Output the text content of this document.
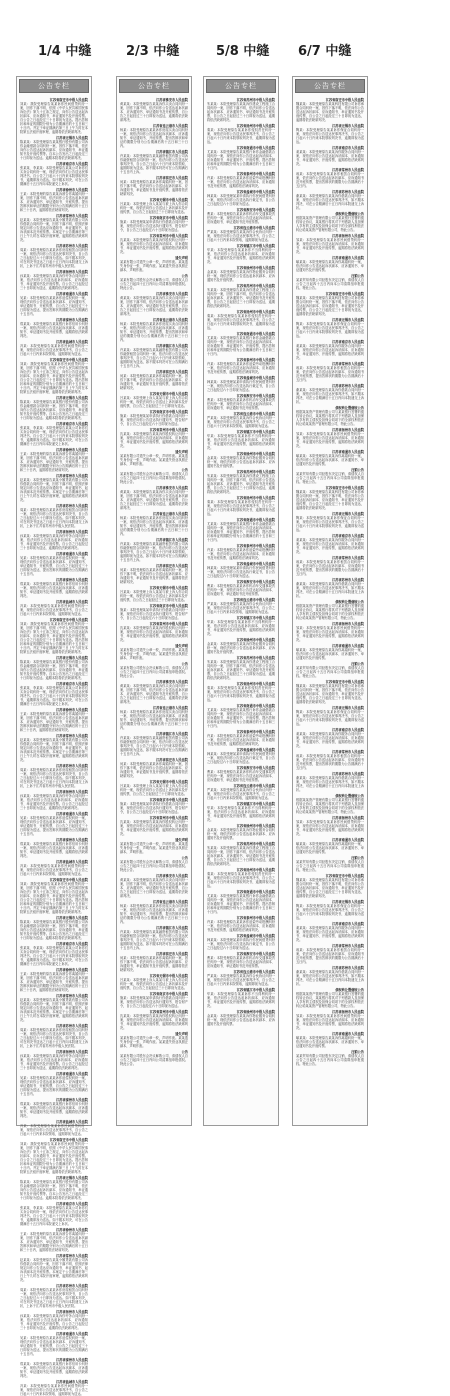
1/4 中缝
公告专栏
江苏省宿迁市中级人民法院
刘某：我院受理原告某某诉你民间借贷纠纷一案，因你下落不明，依照《中华人民共和国民事诉讼法》第九十五条之规定，向你公告送达起诉状副本、应诉通知书、举证通知书及开庭传票。自公告之日起经过三十日即视为送达。提出答辩状和举证的期限分别为公告期满后的十五日和三十日内。并定于举证期满后第三日上午九时在本院第五法庭开庭审理，逾期将依法缺席判决。
江苏省无锡市人民法院
陈某某：本院受理原告某某银行股份有限公司诉你金融借款合同纠纷一案，因你下落不明，依法向你公告送达起诉状副本、应诉通知书、举证通知书及开庭传票等。自本公告发出之日起经过三十日即视为送达。逾期本院将依法缺席判决。
江苏省南京市人民法院
张某某、李某某：本院受理原告某某公司诉你们买卖合同纠纷一案，现依法向你们公告送达民事判决书。自公告之日起六十日内来本院领取判决书，逾期即视为送达。如不服本判决，可在公告期满后十五日内向本院递交上诉状。
江苏省徐州市人民法院
王某：本院受理的原告某某诉被告你离婚纠纷一案，因你下落不明，依法向你公告送达起诉状副本、应诉通知书、举证通知书、开庭传票。提出答辩状和举证的期限分别为公告期满后的十五日和三十日内，逾期将依法缺席判决。
江苏省常州市人民法院
赵某某：本院受理原告某某小额贷款有限公司诉你借款合同纠纷一案，因你下落不明，依照法律规定向你公告送达应诉通知书、举证通知书、起诉状副本及开庭传票。本案定于公告期满后第三日上午九时在本院开庭审理，逾期将依法缺席判决。
江苏省苏州市人民法院
周某：本院受理原告某某诉你房屋租赁合同纠纷一案，现依法向你公告送达民事判决书，自公告之日起经过六十日即视为送达。如不服本判决，可在判决书送达之日起十五日内向本院递交上诉状，上诉于江苏省苏州市中级人民法院。
江苏省扬州市人民法院
孙某某：本院受理原告某某诉你劳务合同纠纷一案，依法向你公告送达起诉状副本、应诉通知书、举证通知书及开庭传票。自公告之日起经过三十日即视为送达，逾期将依法缺席判决。
江苏省南通市人民法院
吴某：本院受理原告某某诉你追偿权纠纷一案，现依法向你公告送达起诉状副本、应诉通知书、举证通知书、开庭传票，自公告之日起经过三十日即视为送达，提出答辩状的期限为公告期满后十五日内。
江苏省泰州市人民法院
郑某某：本院受理原告某某银行诉你信用卡纠纷一案，现依法向你公告送达起诉状副本、应诉通知书、举证通知书及开庭传票，逾期将依法缺席判决。
江苏省盐城市人民法院
冯某：本院受理原告某某诉你民间借贷纠纷一案，现依法向你公告送达民事判决书，自公告之日起六十日内来本院领取，逾期即视为送达。
江苏省宿迁市中级人民法院
刘某：我院受理原告某某诉你民间借贷纠纷一案，因你下落不明，依照《中华人民共和国民事诉讼法》第九十五条之规定，向你公告送达起诉状副本、应诉通知书、举证通知书及开庭传票。自公告之日起经过三十日即视为送达。提出答辩状和举证的期限分别为公告期满后的十五日和三十日内。并定于举证期满后第三日上午九时在本院第五法庭开庭审理，逾期将依法缺席判决。
江苏省无锡市人民法院
陈某某：本院受理原告某某银行股份有限公司诉你金融借款合同纠纷一案，因你下落不明，依法向你公告送达起诉状副本、应诉通知书、举证通知书及开庭传票等。自本公告发出之日起经过三十日即视为送达。逾期本院将依法缺席判决。
江苏省南京市人民法院
张某某、李某某：本院受理原告某某公司诉你们买卖合同纠纷一案，现依法向你们公告送达民事判决书。自公告之日起六十日内来本院领取判决书，逾期即视为送达。如不服本判决，可在公告期满后十五日内向本院递交上诉状。
江苏省徐州市人民法院
王某：本院受理的原告某某诉被告你离婚纠纷一案，因你下落不明，依法向你公告送达起诉状副本、应诉通知书、举证通知书、开庭传票。提出答辩状和举证的期限分别为公告期满后的十五日和三十日内，逾期将依法缺席判决。
江苏省常州市人民法院
赵某某：本院受理原告某某小额贷款有限公司诉你借款合同纠纷一案，因你下落不明，依照法律规定向你公告送达应诉通知书、举证通知书、起诉状副本及开庭传票。本案定于公告期满后第三日上午九时在本院开庭审理，逾期将依法缺席判决。
江苏省苏州市人民法院
周某：本院受理原告某某诉你房屋租赁合同纠纷一案，现依法向你公告送达民事判决书，自公告之日起经过六十日即视为送达。如不服本判决，可在判决书送达之日起十五日内向本院递交上诉状，上诉于江苏省苏州市中级人民法院。
江苏省扬州市人民法院
孙某某：本院受理原告某某诉你劳务合同纠纷一案，依法向你公告送达起诉状副本、应诉通知书、举证通知书及开庭传票。自公告之日起经过三十日即视为送达，逾期将依法缺席判决。
江苏省南通市人民法院
吴某：本院受理原告某某诉你追偿权纠纷一案，现依法向你公告送达起诉状副本、应诉通知书、举证通知书、开庭传票，自公告之日起经过三十日即视为送达，提出答辩状的期限为公告期满后十五日内。
江苏省泰州市人民法院
郑某某：本院受理原告某某银行诉你信用卡纠纷一案，现依法向你公告送达起诉状副本、应诉通知书、举证通知书及开庭传票，逾期将依法缺席判决。
江苏省盐城市人民法院
冯某：本院受理原告某某诉你民间借贷纠纷一案，现依法向你公告送达民事判决书，自公告之日起六十日内来本院领取，逾期即视为送达。
江苏省宿迁市中级人民法院
刘某：我院受理原告某某诉你民间借贷纠纷一案，因你下落不明，依照《中华人民共和国民事诉讼法》第九十五条之规定，向你公告送达起诉状副本、应诉通知书、举证通知书及开庭传票。自公告之日起经过三十日即视为送达。提出答辩状和举证的期限分别为公告期满后的十五日和三十日内。并定于举证期满后第三日上午九时在本院第五法庭开庭审理，逾期将依法缺席判决。
江苏省无锡市人民法院
陈某某：本院受理原告某某银行股份有限公司诉你金融借款合同纠纷一案，因你下落不明，依法向你公告送达起诉状副本、应诉通知书、举证通知书及开庭传票等。自本公告发出之日起经过三十日即视为送达。逾期本院将依法缺席判决。
江苏省南京市人民法院
张某某、李某某：本院受理原告某某公司诉你们买卖合同纠纷一案，现依法向你们公告送达民事判决书。自公告之日起六十日内来本院领取判决书，逾期即视为送达。如不服本判决，可在公告期满后十五日内向本院递交上诉状。
江苏省徐州市人民法院
王某：本院受理的原告某某诉被告你离婚纠纷一案，因你下落不明，依法向你公告送达起诉状副本、应诉通知书、举证通知书、开庭传票。提出答辩状和举证的期限分别为公告期满后的十五日和三十日内，逾期将依法缺席判决。
江苏省常州市人民法院
赵某某：本院受理原告某某小额贷款有限公司诉你借款合同纠纷一案，因你下落不明，依照法律规定向你公告送达应诉通知书、举证通知书、起诉状副本及开庭传票。本案定于公告期满后第三日上午九时在本院开庭审理，逾期将依法缺席判决。
江苏省苏州市人民法院
周某：本院受理原告某某诉你房屋租赁合同纠纷一案，现依法向你公告送达民事判决书，自公告之日起经过六十日即视为送达。如不服本判决，可在判决书送达之日起十五日内向本院递交上诉状，上诉于江苏省苏州市中级人民法院。
江苏省扬州市人民法院
孙某某：本院受理原告某某诉你劳务合同纠纷一案，依法向你公告送达起诉状副本、应诉通知书、举证通知书及开庭传票。自公告之日起经过三十日即视为送达，逾期将依法缺席判决。
江苏省南通市人民法院
吴某：本院受理原告某某诉你追偿权纠纷一案，现依法向你公告送达起诉状副本、应诉通知书、举证通知书、开庭传票，自公告之日起经过三十日即视为送达，提出答辩状的期限为公告期满后十五日内。
江苏省泰州市人民法院
郑某某：本院受理原告某某银行诉你信用卡纠纷一案，现依法向你公告送达起诉状副本、应诉通知书、举证通知书及开庭传票，逾期将依法缺席判决。
江苏省盐城市人民法院
冯某：本院受理原告某某诉你民间借贷纠纷一案，现依法向你公告送达民事判决书，自公告之日起六十日内来本院领取，逾期即视为送达。
江苏省宿迁市中级人民法院
刘某：我院受理原告某某诉你民间借贷纠纷一案，因你下落不明，依照《中华人民共和国民事诉讼法》第九十五条之规定，向你公告送达起诉状副本、应诉通知书、举证通知书及开庭传票。自公告之日起经过三十日即视为送达。提出答辩状和举证的期限分别为公告期满后的十五日和三十日内。并定于举证期满后第三日上午九时在本院第五法庭开庭审理，逾期将依法缺席判决。
江苏省无锡市人民法院
陈某某：本院受理原告某某银行股份有限公司诉你金融借款合同纠纷一案，因你下落不明，依法向你公告送达起诉状副本、应诉通知书、举证通知书及开庭传票等。自本公告发出之日起经过三十日即视为送达。逾期本院将依法缺席判决。
江苏省南京市人民法院
张某某、李某某：本院受理原告某某公司诉你们买卖合同纠纷一案，现依法向你们公告送达民事判决书。自公告之日起六十日内来本院领取判决书，逾期即视为送达。如不服本判决，可在公告期满后十五日内向本院递交上诉状。
江苏省徐州市人民法院
王某：本院受理的原告某某诉被告你离婚纠纷一案，因你下落不明，依法向你公告送达起诉状副本、应诉通知书、举证通知书、开庭传票。提出答辩状和举证的期限分别为公告期满后的十五日和三十日内，逾期将依法缺席判决。
江苏省常州市人民法院
赵某某：本院受理原告某某小额贷款有限公司诉你借款合同纠纷一案，因你下落不明，依照法律规定向你公告送达应诉通知书、举证通知书、起诉状副本及开庭传票。本案定于公告期满后第三日上午九时在本院开庭审理，逾期将依法缺席判决。
江苏省苏州市人民法院
周某：本院受理原告某某诉你房屋租赁合同纠纷一案，现依法向你公告送达民事判决书，自公告之日起经过六十日即视为送达。如不服本判决，可在判决书送达之日起十五日内向本院递交上诉状，上诉于江苏省苏州市中级人民法院。
江苏省扬州市人民法院
孙某某：本院受理原告某某诉你劳务合同纠纷一案，依法向你公告送达起诉状副本、应诉通知书、举证通知书及开庭传票。自公告之日起经过三十日即视为送达，逾期将依法缺席判决。
江苏省南通市人民法院
吴某：本院受理原告某某诉你追偿权纠纷一案，现依法向你公告送达起诉状副本、应诉通知书、举证通知书、开庭传票，自公告之日起经过三十日即视为送达，提出答辩状的期限为公告期满后十五日内。
江苏省泰州市人民法院
郑某某：本院受理原告某某银行诉你信用卡纠纷一案，现依法向你公告送达起诉状副本、应诉通知书、举证通知书及开庭传票，逾期将依法缺席判决。
江苏省盐城市人民法院
冯某：本院受理原告某某诉你民间借贷纠纷一案，现依法向你公告送达民事判决书，自公告之日起六十日内来本院领取，逾期即视为送达。
江苏省宿迁市中级人民法院
刘某：我院受理原告某某诉你民间借贷纠纷一案，因你下落不明，依照《中华人民共和国民事诉讼法》第九十五条之规定，向你公告送达起诉状副本、应诉通知书、举证通知书及开庭传票。自公告之日起经过三十日即视为送达。提出答辩状和举证的期限分别为公告期满后的十五日和三十日内。并定于举证期满后第三日上午九时在本院第五法庭开庭审理，逾期将依法缺席判决。
江苏省无锡市人民法院
陈某某：本院受理原告某某银行股份有限公司诉你金融借款合同纠纷一案，因你下落不明，依法向你公告送达起诉状副本、应诉通知书、举证通知书及开庭传票等。自本公告发出之日起经过三十日即视为送达。逾期本院将依法缺席判决。
江苏省南京市人民法院
张某某、李某某：本院受理原告某某公司诉你们买卖合同纠纷一案，现依法向你们公告送达民事判决书。自公告之日起六十日内来本院领取判决书，逾期即视为送达。如不服本判决，可在公告期满后十五日内向本院递交上诉状。
江苏省徐州市人民法院
王某：本院受理的原告某某诉被告你离婚纠纷一案，因你下落不明，依法向你公告送达起诉状副本、应诉通知书、举证通知书、开庭传票。提出答辩状和举证的期限分别为公告期满后的十五日和三十日内，逾期将依法缺席判决。
江苏省常州市人民法院
赵某某：本院受理原告某某小额贷款有限公司诉你借款合同纠纷一案，因你下落不明，依照法律规定向你公告送达应诉通知书、举证通知书、起诉状副本及开庭传票。本案定于公告期满后第三日上午九时在本院开庭审理，逾期将依法缺席判决。
江苏省苏州市人民法院
周某：本院受理原告某某诉你房屋租赁合同纠纷一案，现依法向你公告送达民事判决书，自公告之日起经过六十日即视为送达。如不服本判决，可在判决书送达之日起十五日内向本院递交上诉状，上诉于江苏省苏州市中级人民法院。
江苏省扬州市人民法院
孙某某：本院受理原告某某诉你劳务合同纠纷一案，依法向你公告送达起诉状副本、应诉通知书、举证通知书及开庭传票。自公告之日起经过三十日即视为送达，逾期将依法缺席判决。
江苏省南通市人民法院
吴某：本院受理原告某某诉你追偿权纠纷一案，现依法向你公告送达起诉状副本、应诉通知书、举证通知书、开庭传票，自公告之日起经过三十日即视为送达，提出答辩状的期限为公告期满后十五日内。
江苏省泰州市人民法院
郑某某：本院受理原告某某银行诉你信用卡纠纷一案，现依法向你公告送达起诉状副本、应诉通知书、举证通知书及开庭传票，逾期将依法缺席判决。
江苏省盐城市人民法院
冯某：本院受理原告某某诉你民间借贷纠纷一案，现依法向你公告送达民事判决书，自公告之日起六十日内来本院领取，逾期即视为送达。
2/3 中缝
公告专栏
江苏省淮安市人民法院
黄某某：本院受理原告某某诉你买卖合同纠纷一案，因你下落不明，依法向你公告送达起诉状副本、应诉通知书、举证通知书及开庭传票，自公告之日起经过三十日即视为送达，逾期将依法缺席判决。
江苏省连云港市人民法院
杨某：本院受理原告某某诉你房屋买卖合同纠纷一案，现依法向你公告送达起诉状副本、应诉通知书、举证通知书、开庭传票，提出答辩状和举证的期限分别为公告期满后的十五日和三十日内。
江苏省镇江市人民法院
许某某：本院受理原告某某融资租赁有限公司诉你融资租赁合同纠纷一案，依法向你公告送达民事判决书，自公告之日起六十日内来本院领取，逾期即视为送达，如不服本判决可在公告期满后十五日内上诉。
江苏省宿迁市人民法院
何某：本院受理原告某某诉你离婚纠纷一案，因你下落不明，依法向你公告送达起诉状副本、应诉通知书、举证通知书及开庭传票，逾期将依法缺席判决。
江苏省无锡市中级人民法院
吕某某：本院受理上诉人某某与被上诉人你合同纠纷一案，现依法向你公告送达上诉状副本及开庭传票，自公告之日起经过三十日即视为送达。
江苏省南京市中级人民法院
施某：本院受理某某申请执行你借款合同纠纷一案，现依法向你公告送达执行通知书、报告财产令，自公告之日起经过六十日即视为送达。
江苏省常州市中级人民法院
沈某某：本院受理原告某某诉你股权转让纠纷一案，现依法向你公告送达起诉状副本、应诉通知书、举证通知书及开庭传票，逾期将依法缺席判决。
遗失声明
某某有限公司遗失公章一枚，声明作废。某某遗失身份证一张，声明作废。某某遗失营业执照正副本，声明作废。
公告
某某有限公司股东会决议解散公司，请债权人自公告之日起四十五日内向公司清算组申报债权。特此公告。
江苏省淮安市人民法院
黄某某：本院受理原告某某诉你买卖合同纠纷一案，因你下落不明，依法向你公告送达起诉状副本、应诉通知书、举证通知书及开庭传票，自公告之日起经过三十日即视为送达，逾期将依法缺席判决。
江苏省连云港市人民法院
杨某：本院受理原告某某诉你房屋买卖合同纠纷一案，现依法向你公告送达起诉状副本、应诉通知书、举证通知书、开庭传票，提出答辩状和举证的期限分别为公告期满后的十五日和三十日内。
江苏省镇江市人民法院
许某某：本院受理原告某某融资租赁有限公司诉你融资租赁合同纠纷一案，依法向你公告送达民事判决书，自公告之日起六十日内来本院领取，逾期即视为送达，如不服本判决可在公告期满后十五日内上诉。
江苏省宿迁市人民法院
何某：本院受理原告某某诉你离婚纠纷一案，因你下落不明，依法向你公告送达起诉状副本、应诉通知书、举证通知书及开庭传票，逾期将依法缺席判决。
江苏省无锡市中级人民法院
吕某某：本院受理上诉人某某与被上诉人你合同纠纷一案，现依法向你公告送达上诉状副本及开庭传票，自公告之日起经过三十日即视为送达。
江苏省南京市中级人民法院
施某：本院受理某某申请执行你借款合同纠纷一案，现依法向你公告送达执行通知书、报告财产令，自公告之日起经过六十日即视为送达。
江苏省常州市中级人民法院
沈某某：本院受理原告某某诉你股权转让纠纷一案，现依法向你公告送达起诉状副本、应诉通知书、举证通知书及开庭传票，逾期将依法缺席判决。
遗失声明
某某有限公司遗失公章一枚，声明作废。某某遗失身份证一张，声明作废。某某遗失营业执照正副本，声明作废。
公告
某某有限公司股东会决议解散公司，请债权人自公告之日起四十五日内向公司清算组申报债权。特此公告。
江苏省淮安市人民法院
黄某某：本院受理原告某某诉你买卖合同纠纷一案，因你下落不明，依法向你公告送达起诉状副本、应诉通知书、举证通知书及开庭传票，自公告之日起经过三十日即视为送达，逾期将依法缺席判决。
江苏省连云港市人民法院
杨某：本院受理原告某某诉你房屋买卖合同纠纷一案，现依法向你公告送达起诉状副本、应诉通知书、举证通知书、开庭传票，提出答辩状和举证的期限分别为公告期满后的十五日和三十日内。
江苏省镇江市人民法院
许某某：本院受理原告某某融资租赁有限公司诉你融资租赁合同纠纷一案，依法向你公告送达民事判决书，自公告之日起六十日内来本院领取，逾期即视为送达，如不服本判决可在公告期满后十五日内上诉。
江苏省宿迁市人民法院
何某：本院受理原告某某诉你离婚纠纷一案，因你下落不明，依法向你公告送达起诉状副本、应诉通知书、举证通知书及开庭传票，逾期将依法缺席判决。
江苏省无锡市中级人民法院
吕某某：本院受理上诉人某某与被上诉人你合同纠纷一案，现依法向你公告送达上诉状副本及开庭传票，自公告之日起经过三十日即视为送达。
江苏省南京市中级人民法院
施某：本院受理某某申请执行你借款合同纠纷一案，现依法向你公告送达执行通知书、报告财产令，自公告之日起经过六十日即视为送达。
江苏省常州市中级人民法院
沈某某：本院受理原告某某诉你股权转让纠纷一案，现依法向你公告送达起诉状副本、应诉通知书、举证通知书及开庭传票，逾期将依法缺席判决。
遗失声明
某某有限公司遗失公章一枚，声明作废。某某遗失身份证一张，声明作废。某某遗失营业执照正副本，声明作废。
公告
某某有限公司股东会决议解散公司，请债权人自公告之日起四十五日内向公司清算组申报债权。特此公告。
江苏省淮安市人民法院
黄某某：本院受理原告某某诉你买卖合同纠纷一案，因你下落不明，依法向你公告送达起诉状副本、应诉通知书、举证通知书及开庭传票，自公告之日起经过三十日即视为送达，逾期将依法缺席判决。
江苏省连云港市人民法院
杨某：本院受理原告某某诉你房屋买卖合同纠纷一案，现依法向你公告送达起诉状副本、应诉通知书、举证通知书、开庭传票，提出答辩状和举证的期限分别为公告期满后的十五日和三十日内。
江苏省镇江市人民法院
许某某：本院受理原告某某融资租赁有限公司诉你融资租赁合同纠纷一案，依法向你公告送达民事判决书，自公告之日起六十日内来本院领取，逾期即视为送达，如不服本判决可在公告期满后十五日内上诉。
江苏省宿迁市人民法院
何某：本院受理原告某某诉你离婚纠纷一案，因你下落不明，依法向你公告送达起诉状副本、应诉通知书、举证通知书及开庭传票，逾期将依法缺席判决。
江苏省无锡市中级人民法院
吕某某：本院受理上诉人某某与被上诉人你合同纠纷一案，现依法向你公告送达上诉状副本及开庭传票，自公告之日起经过三十日即视为送达。
江苏省南京市中级人民法院
施某：本院受理某某申请执行你借款合同纠纷一案，现依法向你公告送达执行通知书、报告财产令，自公告之日起经过六十日即视为送达。
江苏省常州市中级人民法院
沈某某：本院受理原告某某诉你股权转让纠纷一案，现依法向你公告送达起诉状副本、应诉通知书、举证通知书及开庭传票，逾期将依法缺席判决。
遗失声明
某某有限公司遗失公章一枚，声明作废。某某遗失身份证一张，声明作废。某某遗失营业执照正副本，声明作废。
公告
某某有限公司股东会决议解散公司，请债权人自公告之日起四十五日内向公司清算组申报债权。特此公告。
江苏省淮安市人民法院
黄某某：本院受理原告某某诉你买卖合同纠纷一案，因你下落不明，依法向你公告送达起诉状副本、应诉通知书、举证通知书及开庭传票，自公告之日起经过三十日即视为送达，逾期将依法缺席判决。
江苏省连云港市人民法院
杨某：本院受理原告某某诉你房屋买卖合同纠纷一案，现依法向你公告送达起诉状副本、应诉通知书、举证通知书、开庭传票，提出答辩状和举证的期限分别为公告期满后的十五日和三十日内。
江苏省镇江市人民法院
许某某：本院受理原告某某融资租赁有限公司诉你融资租赁合同纠纷一案，依法向你公告送达民事判决书，自公告之日起六十日内来本院领取，逾期即视为送达，如不服本判决可在公告期满后十五日内上诉。
江苏省宿迁市人民法院
何某：本院受理原告某某诉你离婚纠纷一案，因你下落不明，依法向你公告送达起诉状副本、应诉通知书、举证通知书及开庭传票，逾期将依法缺席判决。
江苏省无锡市中级人民法院
吕某某：本院受理上诉人某某与被上诉人你合同纠纷一案，现依法向你公告送达上诉状副本及开庭传票，自公告之日起经过三十日即视为送达。
江苏省南京市中级人民法院
施某：本院受理某某申请执行你借款合同纠纷一案，现依法向你公告送达执行通知书、报告财产令，自公告之日起经过六十日即视为送达。
江苏省常州市中级人民法院
沈某某：本院受理原告某某诉你股权转让纠纷一案，现依法向你公告送达起诉状副本、应诉通知书、举证通知书及开庭传票，逾期将依法缺席判决。
遗失声明
某某有限公司遗失公章一枚，声明作废。某某遗失身份证一张，声明作废。某某遗失营业执照正副本，声明作废。
公告
某某有限公司股东会决议解散公司，请债权人自公告之日起四十五日内向公司清算组申报债权。特此公告。
5/8 中缝
公告专栏
江苏省苏州市中级人民法院
朱某某：本院受理原告某某诉你建设工程施工合同纠纷一案，因你下落不明，依法向你公告送达起诉状副本、应诉通知书、举证通知书及开庭传票，自公告之日起经过三十日即视为送达，逾期将依法缺席判决。
江苏省扬州市中级人民法院
秦某：本院受理原告某某诉你侵权责任纠纷一案，现依法向你公告送达民事判决书，自公告之日起六十日内来本院领取判决书，逾期即视为送达。
江苏省南通市中级人民法院
尤某某：本院受理原告某某银行诉你金融借款合同纠纷一案，现依法向你公告送达起诉状副本、应诉通知书、举证通知书、开庭传票，提出答辩状和举证的期限分别为公告期满后的十五日和三十日内。
江苏省泰州市中级人民法院
许某：本院受理原告某某诉你追索劳动报酬纠纷一案，依法向你公告送达起诉状副本、应诉通知书及开庭传票，逾期将依法缺席判决。
江苏省盐城市中级人民法院
韩某某：本院受理某某申请执行你民间借贷纠纷一案，现依法向你公告送达执行裁定书，自公告之日起经过六十日即视为送达。
江苏省淮安市中级人民法院
曹某：本院受理原告某某诉你机动车交通事故责任纠纷一案，现依法向你公告送达起诉状副本、应诉通知书、举证通知书及开庭传票。
江苏省连云港市中级人民法院
严某某：本院受理原告某某诉你合伙协议纠纷一案，现依法向你公告送达民事判决书，自公告之日起六十日内来本院领取，逾期即视为送达。
江苏省镇江市中级人民法院
华某：本院受理原告某某诉你不当得利纠纷一案，依法向你公告送达起诉状副本、应诉通知书、举证通知书及开庭传票，逾期将依法缺席判决。
江苏省徐州市中级人民法院
金某某：本院受理原告某某诉你物业服务合同纠纷一案，现依法向你公告送达起诉状副本、应诉通知书及开庭传票。
江苏省苏州市中级人民法院
朱某某：本院受理原告某某诉你建设工程施工合同纠纷一案，因你下落不明，依法向你公告送达起诉状副本、应诉通知书、举证通知书及开庭传票，自公告之日起经过三十日即视为送达，逾期将依法缺席判决。
江苏省扬州市中级人民法院
秦某：本院受理原告某某诉你侵权责任纠纷一案，现依法向你公告送达民事判决书，自公告之日起六十日内来本院领取判决书，逾期即视为送达。
江苏省南通市中级人民法院
尤某某：本院受理原告某某银行诉你金融借款合同纠纷一案，现依法向你公告送达起诉状副本、应诉通知书、举证通知书、开庭传票，提出答辩状和举证的期限分别为公告期满后的十五日和三十日内。
江苏省泰州市中级人民法院
许某：本院受理原告某某诉你追索劳动报酬纠纷一案，依法向你公告送达起诉状副本、应诉通知书及开庭传票，逾期将依法缺席判决。
江苏省盐城市中级人民法院
韩某某：本院受理某某申请执行你民间借贷纠纷一案，现依法向你公告送达执行裁定书，自公告之日起经过六十日即视为送达。
江苏省淮安市中级人民法院
曹某：本院受理原告某某诉你机动车交通事故责任纠纷一案，现依法向你公告送达起诉状副本、应诉通知书、举证通知书及开庭传票。
江苏省连云港市中级人民法院
严某某：本院受理原告某某诉你合伙协议纠纷一案，现依法向你公告送达民事判决书，自公告之日起六十日内来本院领取，逾期即视为送达。
江苏省镇江市中级人民法院
华某：本院受理原告某某诉你不当得利纠纷一案，依法向你公告送达起诉状副本、应诉通知书、举证通知书及开庭传票，逾期将依法缺席判决。
江苏省徐州市中级人民法院
金某某：本院受理原告某某诉你物业服务合同纠纷一案，现依法向你公告送达起诉状副本、应诉通知书及开庭传票。
江苏省苏州市中级人民法院
朱某某：本院受理原告某某诉你建设工程施工合同纠纷一案，因你下落不明，依法向你公告送达起诉状副本、应诉通知书、举证通知书及开庭传票，自公告之日起经过三十日即视为送达，逾期将依法缺席判决。
江苏省扬州市中级人民法院
秦某：本院受理原告某某诉你侵权责任纠纷一案，现依法向你公告送达民事判决书，自公告之日起六十日内来本院领取判决书，逾期即视为送达。
江苏省南通市中级人民法院
尤某某：本院受理原告某某银行诉你金融借款合同纠纷一案，现依法向你公告送达起诉状副本、应诉通知书、举证通知书、开庭传票，提出答辩状和举证的期限分别为公告期满后的十五日和三十日内。
江苏省泰州市中级人民法院
许某：本院受理原告某某诉你追索劳动报酬纠纷一案，依法向你公告送达起诉状副本、应诉通知书及开庭传票，逾期将依法缺席判决。
江苏省盐城市中级人民法院
韩某某：本院受理某某申请执行你民间借贷纠纷一案，现依法向你公告送达执行裁定书，自公告之日起经过六十日即视为送达。
江苏省淮安市中级人民法院
曹某：本院受理原告某某诉你机动车交通事故责任纠纷一案，现依法向你公告送达起诉状副本、应诉通知书、举证通知书及开庭传票。
江苏省连云港市中级人民法院
严某某：本院受理原告某某诉你合伙协议纠纷一案，现依法向你公告送达民事判决书，自公告之日起六十日内来本院领取，逾期即视为送达。
江苏省镇江市中级人民法院
华某：本院受理原告某某诉你不当得利纠纷一案，依法向你公告送达起诉状副本、应诉通知书、举证通知书及开庭传票，逾期将依法缺席判决。
江苏省徐州市中级人民法院
金某某：本院受理原告某某诉你物业服务合同纠纷一案，现依法向你公告送达起诉状副本、应诉通知书及开庭传票。
江苏省苏州市中级人民法院
朱某某：本院受理原告某某诉你建设工程施工合同纠纷一案，因你下落不明，依法向你公告送达起诉状副本、应诉通知书、举证通知书及开庭传票，自公告之日起经过三十日即视为送达，逾期将依法缺席判决。
江苏省扬州市中级人民法院
秦某：本院受理原告某某诉你侵权责任纠纷一案，现依法向你公告送达民事判决书，自公告之日起六十日内来本院领取判决书，逾期即视为送达。
江苏省南通市中级人民法院
尤某某：本院受理原告某某银行诉你金融借款合同纠纷一案，现依法向你公告送达起诉状副本、应诉通知书、举证通知书、开庭传票，提出答辩状和举证的期限分别为公告期满后的十五日和三十日内。
江苏省泰州市中级人民法院
许某：本院受理原告某某诉你追索劳动报酬纠纷一案，依法向你公告送达起诉状副本、应诉通知书及开庭传票，逾期将依法缺席判决。
江苏省盐城市中级人民法院
韩某某：本院受理某某申请执行你民间借贷纠纷一案，现依法向你公告送达执行裁定书，自公告之日起经过六十日即视为送达。
江苏省淮安市中级人民法院
曹某：本院受理原告某某诉你机动车交通事故责任纠纷一案，现依法向你公告送达起诉状副本、应诉通知书、举证通知书及开庭传票。
江苏省连云港市中级人民法院
严某某：本院受理原告某某诉你合伙协议纠纷一案，现依法向你公告送达民事判决书，自公告之日起六十日内来本院领取，逾期即视为送达。
江苏省镇江市中级人民法院
华某：本院受理原告某某诉你不当得利纠纷一案，依法向你公告送达起诉状副本、应诉通知书、举证通知书及开庭传票，逾期将依法缺席判决。
江苏省徐州市中级人民法院
金某某：本院受理原告某某诉你物业服务合同纠纷一案，现依法向你公告送达起诉状副本、应诉通知书及开庭传票。
江苏省苏州市中级人民法院
朱某某：本院受理原告某某诉你建设工程施工合同纠纷一案，因你下落不明，依法向你公告送达起诉状副本、应诉通知书、举证通知书及开庭传票，自公告之日起经过三十日即视为送达，逾期将依法缺席判决。
江苏省扬州市中级人民法院
秦某：本院受理原告某某诉你侵权责任纠纷一案，现依法向你公告送达民事判决书，自公告之日起六十日内来本院领取判决书，逾期即视为送达。
江苏省南通市中级人民法院
尤某某：本院受理原告某某银行诉你金融借款合同纠纷一案，现依法向你公告送达起诉状副本、应诉通知书、举证通知书、开庭传票，提出答辩状和举证的期限分别为公告期满后的十五日和三十日内。
江苏省泰州市中级人民法院
许某：本院受理原告某某诉你追索劳动报酬纠纷一案，依法向你公告送达起诉状副本、应诉通知书及开庭传票，逾期将依法缺席判决。
江苏省盐城市中级人民法院
韩某某：本院受理某某申请执行你民间借贷纠纷一案，现依法向你公告送达执行裁定书，自公告之日起经过六十日即视为送达。
江苏省淮安市中级人民法院
曹某：本院受理原告某某诉你机动车交通事故责任纠纷一案，现依法向你公告送达起诉状副本、应诉通知书、举证通知书及开庭传票。
江苏省连云港市中级人民法院
严某某：本院受理原告某某诉你合伙协议纠纷一案，现依法向你公告送达民事判决书，自公告之日起六十日内来本院领取，逾期即视为送达。
江苏省镇江市中级人民法院
华某：本院受理原告某某诉你不当得利纠纷一案，依法向你公告送达起诉状副本、应诉通知书、举证通知书及开庭传票，逾期将依法缺席判决。
江苏省徐州市中级人民法院
金某某：本院受理原告某某诉你物业服务合同纠纷一案，现依法向你公告送达起诉状副本、应诉通知书及开庭传票。
6/7 中缝
公告专栏
江苏省宿迁市中级人民法院
魏某某：本院受理原告某某科技有限公司诉你承揽合同纠纷一案，因你下落不明，依法向你公告送达起诉状副本、应诉通知书、举证通知书及开庭传票，自公告之日起经过三十日即视为送达，逾期将依法缺席判决。
江苏省无锡市人民法院
陶某：本院受理原告某某诉你保证合同纠纷一案，现依法向你公告送达民事判决书，自公告之日起六十日内来本院领取判决书，逾期即视为送达。
江苏省南京市人民法院
姜某某：本院受理原告某某诉你服务合同纠纷一案，现依法向你公告送达起诉状副本、应诉通知书、举证通知书、开庭传票，逾期将依法缺席判决。
江苏省常州市人民法院
戚某：本院受理原告某某诉你租赁合同纠纷一案，依法向你公告送达起诉状副本、应诉通知书及开庭传票，提出答辩状的期限为公告期满后十五日内。
江苏省苏州市人民法院
谢某某：本院受理原告某某诉你借款合同纠纷一案，现依法向你公告送达民事判决书，如不服本判决，可在公告期满后十五日内向本院递交上诉状。
债权转让暨催收公告
根据某某资产管理有限公司与某某银行签署的债权转让协议，某某银行将其对下列借款人及担保人享有的主债权及担保合同项下的全部权利依法转让给某某资产管理有限公司，特此公告。
江苏省扬州市人民法院
邹某：本院受理原告某某诉你民间借贷纠纷一案，现依法向你公告送达起诉状副本、应诉通知书、举证通知书及开庭传票，逾期将依法缺席判决。
江苏省南通市人民法院
喻某某：本院受理原告某某诉你离婚纠纷一案，依法向你公告送达起诉状副本、应诉通知书、举证通知书及开庭传票。
注销公告
某某贸易有限公司经股东决定注销，请债权人自公告之日起四十五日内向本公司清算组申报债权。特此公告。
江苏省宿迁市中级人民法院
魏某某：本院受理原告某某科技有限公司诉你承揽合同纠纷一案，因你下落不明，依法向你公告送达起诉状副本、应诉通知书、举证通知书及开庭传票，自公告之日起经过三十日即视为送达，逾期将依法缺席判决。
江苏省无锡市人民法院
陶某：本院受理原告某某诉你保证合同纠纷一案，现依法向你公告送达民事判决书，自公告之日起六十日内来本院领取判决书，逾期即视为送达。
江苏省南京市人民法院
姜某某：本院受理原告某某诉你服务合同纠纷一案，现依法向你公告送达起诉状副本、应诉通知书、举证通知书、开庭传票，逾期将依法缺席判决。
江苏省常州市人民法院
戚某：本院受理原告某某诉你租赁合同纠纷一案，依法向你公告送达起诉状副本、应诉通知书及开庭传票，提出答辩状的期限为公告期满后十五日内。
江苏省苏州市人民法院
谢某某：本院受理原告某某诉你借款合同纠纷一案，现依法向你公告送达民事判决书，如不服本判决，可在公告期满后十五日内向本院递交上诉状。
债权转让暨催收公告
根据某某资产管理有限公司与某某银行签署的债权转让协议，某某银行将其对下列借款人及担保人享有的主债权及担保合同项下的全部权利依法转让给某某资产管理有限公司，特此公告。
江苏省扬州市人民法院
邹某：本院受理原告某某诉你民间借贷纠纷一案，现依法向你公告送达起诉状副本、应诉通知书、举证通知书及开庭传票，逾期将依法缺席判决。
江苏省南通市人民法院
喻某某：本院受理原告某某诉你离婚纠纷一案，依法向你公告送达起诉状副本、应诉通知书、举证通知书及开庭传票。
注销公告
某某贸易有限公司经股东决定注销，请债权人自公告之日起四十五日内向本公司清算组申报债权。特此公告。
江苏省宿迁市中级人民法院
魏某某：本院受理原告某某科技有限公司诉你承揽合同纠纷一案，因你下落不明，依法向你公告送达起诉状副本、应诉通知书、举证通知书及开庭传票，自公告之日起经过三十日即视为送达，逾期将依法缺席判决。
江苏省无锡市人民法院
陶某：本院受理原告某某诉你保证合同纠纷一案，现依法向你公告送达民事判决书，自公告之日起六十日内来本院领取判决书，逾期即视为送达。
江苏省南京市人民法院
姜某某：本院受理原告某某诉你服务合同纠纷一案，现依法向你公告送达起诉状副本、应诉通知书、举证通知书、开庭传票，逾期将依法缺席判决。
江苏省常州市人民法院
戚某：本院受理原告某某诉你租赁合同纠纷一案，依法向你公告送达起诉状副本、应诉通知书及开庭传票，提出答辩状的期限为公告期满后十五日内。
江苏省苏州市人民法院
谢某某：本院受理原告某某诉你借款合同纠纷一案，现依法向你公告送达民事判决书，如不服本判决，可在公告期满后十五日内向本院递交上诉状。
债权转让暨催收公告
根据某某资产管理有限公司与某某银行签署的债权转让协议，某某银行将其对下列借款人及担保人享有的主债权及担保合同项下的全部权利依法转让给某某资产管理有限公司，特此公告。
江苏省扬州市人民法院
邹某：本院受理原告某某诉你民间借贷纠纷一案，现依法向你公告送达起诉状副本、应诉通知书、举证通知书及开庭传票，逾期将依法缺席判决。
江苏省南通市人民法院
喻某某：本院受理原告某某诉你离婚纠纷一案，依法向你公告送达起诉状副本、应诉通知书、举证通知书及开庭传票。
注销公告
某某贸易有限公司经股东决定注销，请债权人自公告之日起四十五日内向本公司清算组申报债权。特此公告。
江苏省宿迁市中级人民法院
魏某某：本院受理原告某某科技有限公司诉你承揽合同纠纷一案，因你下落不明，依法向你公告送达起诉状副本、应诉通知书、举证通知书及开庭传票，自公告之日起经过三十日即视为送达，逾期将依法缺席判决。
江苏省无锡市人民法院
陶某：本院受理原告某某诉你保证合同纠纷一案，现依法向你公告送达民事判决书，自公告之日起六十日内来本院领取判决书，逾期即视为送达。
江苏省南京市人民法院
姜某某：本院受理原告某某诉你服务合同纠纷一案，现依法向你公告送达起诉状副本、应诉通知书、举证通知书、开庭传票，逾期将依法缺席判决。
江苏省常州市人民法院
戚某：本院受理原告某某诉你租赁合同纠纷一案，依法向你公告送达起诉状副本、应诉通知书及开庭传票，提出答辩状的期限为公告期满后十五日内。
江苏省苏州市人民法院
谢某某：本院受理原告某某诉你借款合同纠纷一案，现依法向你公告送达民事判决书，如不服本判决，可在公告期满后十五日内向本院递交上诉状。
债权转让暨催收公告
根据某某资产管理有限公司与某某银行签署的债权转让协议，某某银行将其对下列借款人及担保人享有的主债权及担保合同项下的全部权利依法转让给某某资产管理有限公司，特此公告。
江苏省扬州市人民法院
邹某：本院受理原告某某诉你民间借贷纠纷一案，现依法向你公告送达起诉状副本、应诉通知书、举证通知书及开庭传票，逾期将依法缺席判决。
江苏省南通市人民法院
喻某某：本院受理原告某某诉你离婚纠纷一案，依法向你公告送达起诉状副本、应诉通知书、举证通知书及开庭传票。
注销公告
某某贸易有限公司经股东决定注销，请债权人自公告之日起四十五日内向本公司清算组申报债权。特此公告。
江苏省宿迁市中级人民法院
魏某某：本院受理原告某某科技有限公司诉你承揽合同纠纷一案，因你下落不明，依法向你公告送达起诉状副本、应诉通知书、举证通知书及开庭传票，自公告之日起经过三十日即视为送达，逾期将依法缺席判决。
江苏省无锡市人民法院
陶某：本院受理原告某某诉你保证合同纠纷一案，现依法向你公告送达民事判决书，自公告之日起六十日内来本院领取判决书，逾期即视为送达。
江苏省南京市人民法院
姜某某：本院受理原告某某诉你服务合同纠纷一案，现依法向你公告送达起诉状副本、应诉通知书、举证通知书、开庭传票，逾期将依法缺席判决。
江苏省常州市人民法院
戚某：本院受理原告某某诉你租赁合同纠纷一案，依法向你公告送达起诉状副本、应诉通知书及开庭传票，提出答辩状的期限为公告期满后十五日内。
江苏省苏州市人民法院
谢某某：本院受理原告某某诉你借款合同纠纷一案，现依法向你公告送达民事判决书，如不服本判决，可在公告期满后十五日内向本院递交上诉状。
债权转让暨催收公告
根据某某资产管理有限公司与某某银行签署的债权转让协议，某某银行将其对下列借款人及担保人享有的主债权及担保合同项下的全部权利依法转让给某某资产管理有限公司，特此公告。
江苏省扬州市人民法院
邹某：本院受理原告某某诉你民间借贷纠纷一案，现依法向你公告送达起诉状副本、应诉通知书、举证通知书及开庭传票，逾期将依法缺席判决。
江苏省南通市人民法院
喻某某：本院受理原告某某诉你离婚纠纷一案，依法向你公告送达起诉状副本、应诉通知书、举证通知书及开庭传票。
注销公告
某某贸易有限公司经股东决定注销，请债权人自公告之日起四十五日内向本公司清算组申报债权。特此公告。
